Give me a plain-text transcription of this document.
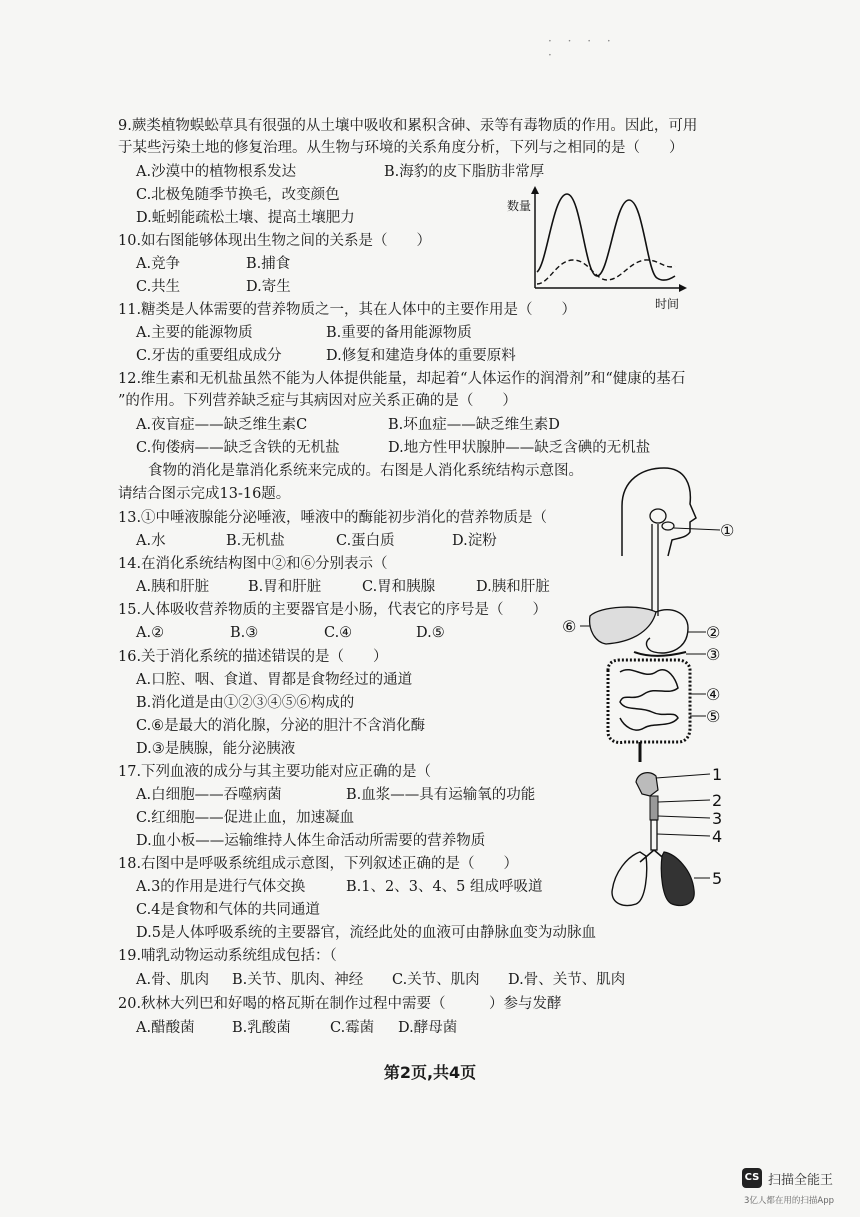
· · · · ·
9.蕨类植物蜈蚣草具有很强的从土壤中吸收和累积含砷、汞等有毒物质的作用。因此，可用
于某些污染土地的修复治理。从生物与环境的关系角度分析，下列与之相同的是（　　）
A.沙漠中的植物根系发达	B.海豹的皮下脂肪非常厚
C.北极兔随季节换毛，改变颜色
D.蚯蚓能疏松土壤、提高土壤肥力
10.如右图能够体现出生物之间的关系是（　　）
A.竞争	B.捕食
C.共生	D.寄生
数量
时间
11.糖类是人体需要的营养物质之一，其在人体中的主要作用是（　　）
A.主要的能源物质	B.重要的备用能源物质
C.牙齿的重要组成成分	D.修复和建造身体的重要原料
12.维生素和无机盐虽然不能为人体提供能量，却起着“人体运作的润滑剂”和“健康的基石
”的作用。下列营养缺乏症与其病因对应关系正确的是（　　）
A.夜盲症——缺乏维生素C	B.坏血症——缺乏维生素D
C.佝偻病——缺乏含铁的无机盐	D.地方性甲状腺肿——缺乏含碘的无机盐
食物的消化是靠消化系统来完成的。右图是人消化系统结构示意图。
请结合图示完成13-16题。
13.①中唾液腺能分泌唾液，唾液中的酶能初步消化的营养物质是（
A.水	B.无机盐	C.蛋白质	D.淀粉
14.在消化系统结构图中②和⑥分别表示（
A.胰和肝脏	B.胃和肝脏	C.胃和胰腺	D.胰和肝脏
15.人体吸收营养物质的主要器官是小肠，代表它的序号是（　　）
A.②	B.③	C.④	D.⑤
16.关于消化系统的描述错误的是（　　）
A.口腔、咽、食道、胃都是食物经过的通道
B.消化道是由①②③④⑤⑥构成的
C.⑥是最大的消化腺，分泌的胆汁不含消化酶
D.③是胰腺，能分泌胰液
①
②
③
④
⑤
⑥
17.下列血液的成分与其主要功能对应正确的是（
A.白细胞——吞噬病菌	B.血浆——具有运输氧的功能
C.红细胞——促进止血，加速凝血
D.血小板——运输维持人体生命活动所需要的营养物质
1
2
3
4
5
18.右图中是呼吸系统组成示意图，下列叙述正确的是（　　）
A.3的作用是进行气体交换	B.1、2、3、4、5 组成呼吸道
C.4是食物和气体的共同通道
D.5是人体呼吸系统的主要器官，流经此处的血液可由静脉血变为动脉血
19.哺乳动物运动系统组成包括：（
A.骨、肌肉 B.关节、肌肉、神经 C.关节、肌肉 D.骨、关节、肌肉
20.秋林大列巴和好喝的格瓦斯在制作过程中需要（　　　）参与发酵
A.醋酸菌	B.乳酸菌	C.霉菌 D.酵母菌
第2页,共4页
CS 扫描全能王
3亿人都在用的扫描App
